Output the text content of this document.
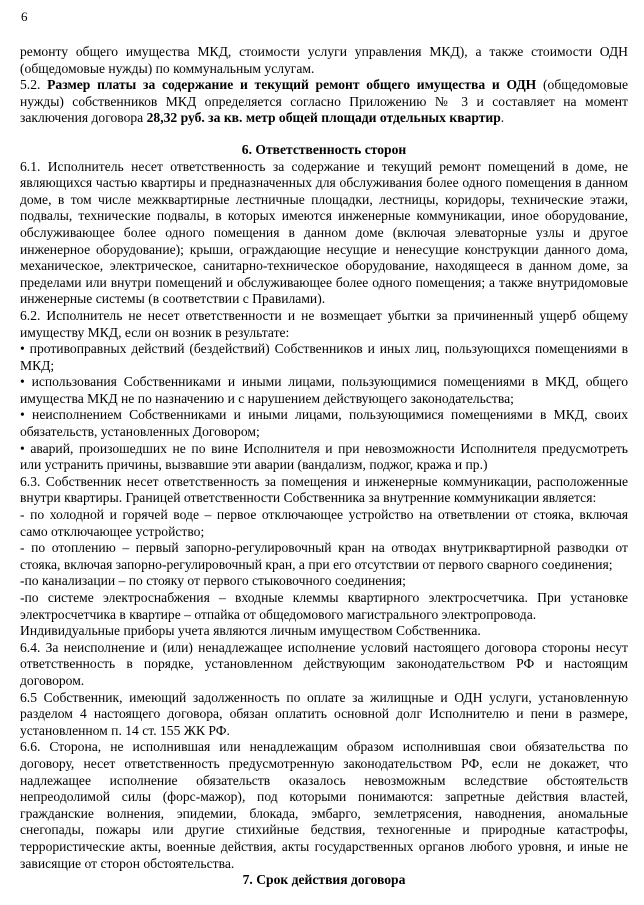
6

ремонту общего имущества МКД, стоимости услуги управления МКД), а также стоимости ОДН (общедомовые нужды) по коммунальным услугам.

5.2. Размер платы за содержание и текущий ремонт общего имущества и ОДН (общедомовые нужды) собственников МКД определяется согласно Приложению № 3 и составляет на момент заключения договора 28,32 руб. за кв. метр общей площади отдельных квартир.

6. Ответственность сторон

6.1. Исполнитель несет ответственность за содержание и текущий ремонт помещений в доме, не являющихся частью квартиры и предназначенных для обслуживания более одного помещения в данном доме, в том числе межквартирные лестничные площадки, лестницы, коридоры, технические этажи, подвалы, технические подвалы, в которых имеются инженерные коммуникации, иное оборудование, обслуживающее более одного помещения в данном доме (включая элеваторные узлы и другое инженерное оборудование); крыши, ограждающие несущие и ненесущие конструкции данного дома, механическое, электрическое, санитарно-техническое оборудование, находящееся в данном доме, за пределами или внутри помещений и обслуживающее более одного помещения; а также внутридомовые инженерные системы (в соответствии с Правилами).

6.2. Исполнитель не несет ответственности и не возмещает убытки за причиненный ущерб общему имуществу МКД, если он возник в результате:

• противоправных действий (бездействий) Собственников и иных лиц, пользующихся помещениями в МКД;

• использования Собственниками и иными лицами, пользующимися помещениями в МКД, общего имущества МКД не по назначению и с нарушением действующего законодательства;

• неисполнением Собственниками и иными лицами, пользующимися помещениями в МКД, своих обязательств, установленных Договором;

• аварий, произошедших не по вине Исполнителя и при невозможности Исполнителя предусмотреть или устранить причины, вызвавшие эти аварии (вандализм, поджог, кража и пр.)

6.3. Собственник несет ответственность за помещения и инженерные коммуникации, расположенные внутри квартиры. Границей ответственности Собственника за внутренние коммуникации является:

- по холодной и горячей воде – первое отключающее устройство на ответвлении от стояка, включая само отключающее устройство;

- по отоплению – первый запорно-регулировочный кран на отводах внутриквартирной разводки от стояка, включая запорно-регулировочный кран, а при его отсутствии от первого сварного соединения;

-по канализации – по стояку от первого стыковочного соединения;

-по системе электроснабжения – входные клеммы квартирного электросчетчика. При установке электросчетчика в квартире – отпайка от общедомового магистрального электропровода.

Индивидуальные приборы учета являются личным имуществом Собственника.

6.4. За неисполнение и (или) ненадлежащее исполнение условий настоящего договора стороны несут ответственность в порядке, установленном действующим законодательством РФ и настоящим договором.

6.5 Собственник, имеющий задолженность по оплате за жилищные и ОДН услуги, установленную разделом 4 настоящего договора, обязан оплатить основной долг Исполнителю и пени в размере, установленном п. 14 ст. 155 ЖК РФ.

6.6. Сторона, не исполнившая или ненадлежащим образом исполнившая свои обязательства по договору, несет ответственность предусмотренную законодательством РФ, если не докажет, что надлежащее исполнение обязательств оказалось невозможным вследствие обстоятельств непреодолимой силы (форс-мажор), под которыми понимаются: запретные действия властей, гражданские волнения, эпидемии, блокада, эмбарго, землетрясения, наводнения, аномальные снегопады, пожары или другие стихийные бедствия, техногенные и природные катастрофы, террористические акты, военные действия, акты государственных органов любого уровня, и иные не зависящие от сторон обстоятельства.

7. Срок действия договора
